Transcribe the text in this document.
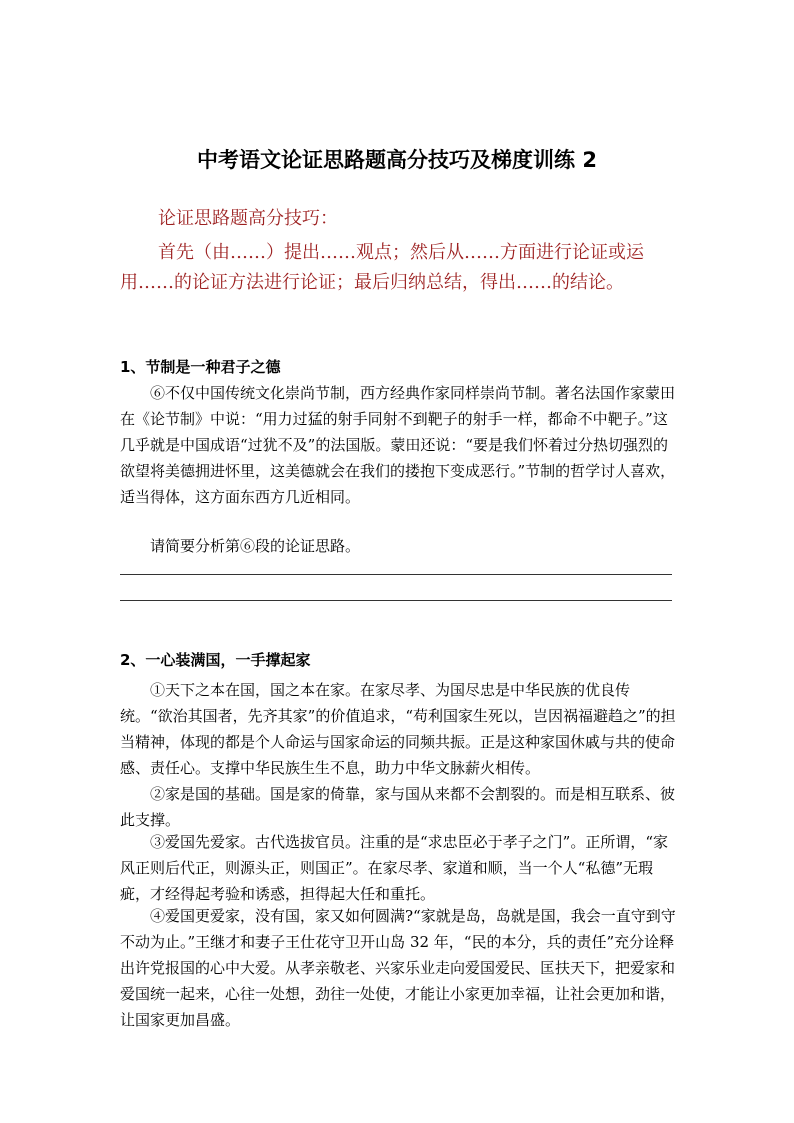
中考语文论证思路题高分技巧及梯度训练 2
论证思路题高分技巧：
首先（由……）提出……观点；然后从……方面进行论证或运用……的论证方法进行论证；最后归纳总结，得出……的结论。
1、节制是一种君子之德
⑥不仅中国传统文化崇尚节制，西方经典作家同样崇尚节制。著名法国作家蒙田在《论节制》中说：“用力过猛的射手同射不到靶子的射手一样，都命不中靶子。”这几乎就是中国成语“过犹不及”的法国版。蒙田还说：“要是我们怀着过分热切强烈的欲望将美德拥进怀里，这美德就会在我们的搂抱下变成恶行。”节制的哲学讨人喜欢，适当得体，这方面东西方几近相同。
请简要分析第⑥段的论证思路。
2、一心装满国，一手撑起家
①天下之本在国，国之本在家。在家尽孝、为国尽忠是中华民族的优良传统。“欲治其国者，先齐其家”的价值追求，“苟利国家生死以，岂因祸福避趋之”的担当精神，体现的都是个人命运与国家命运的同频共振。正是这种家国休戚与共的使命感、责任心。支撑中华民族生生不息，助力中华文脉薪火相传。
②家是国的基础。国是家的倚靠，家与国从来都不会割裂的。而是相互联系、彼此支撑。
③爱国先爱家。古代选拔官员。注重的是“求忠臣必于孝子之门”。正所谓，“家风正则后代正，则源头正，则国正”。在家尽孝、家道和顺，当一个人“私德”无瑕疵，才经得起考验和诱惑，担得起大任和重托。
④爱国更爱家，没有国，家又如何圆满?“家就是岛，岛就是国，我会一直守到守不动为止。”王继才和妻子王仕花守卫开山岛 32 年，“民的本分，兵的责任”充分诠释出许党报国的心中大爱。从孝亲敬老、兴家乐业走向爱国爱民、匡扶天下，把爱家和爱国统一起来，心往一处想，劲往一处使，才能让小家更加幸福，让社会更加和谐，让国家更加昌盛。
